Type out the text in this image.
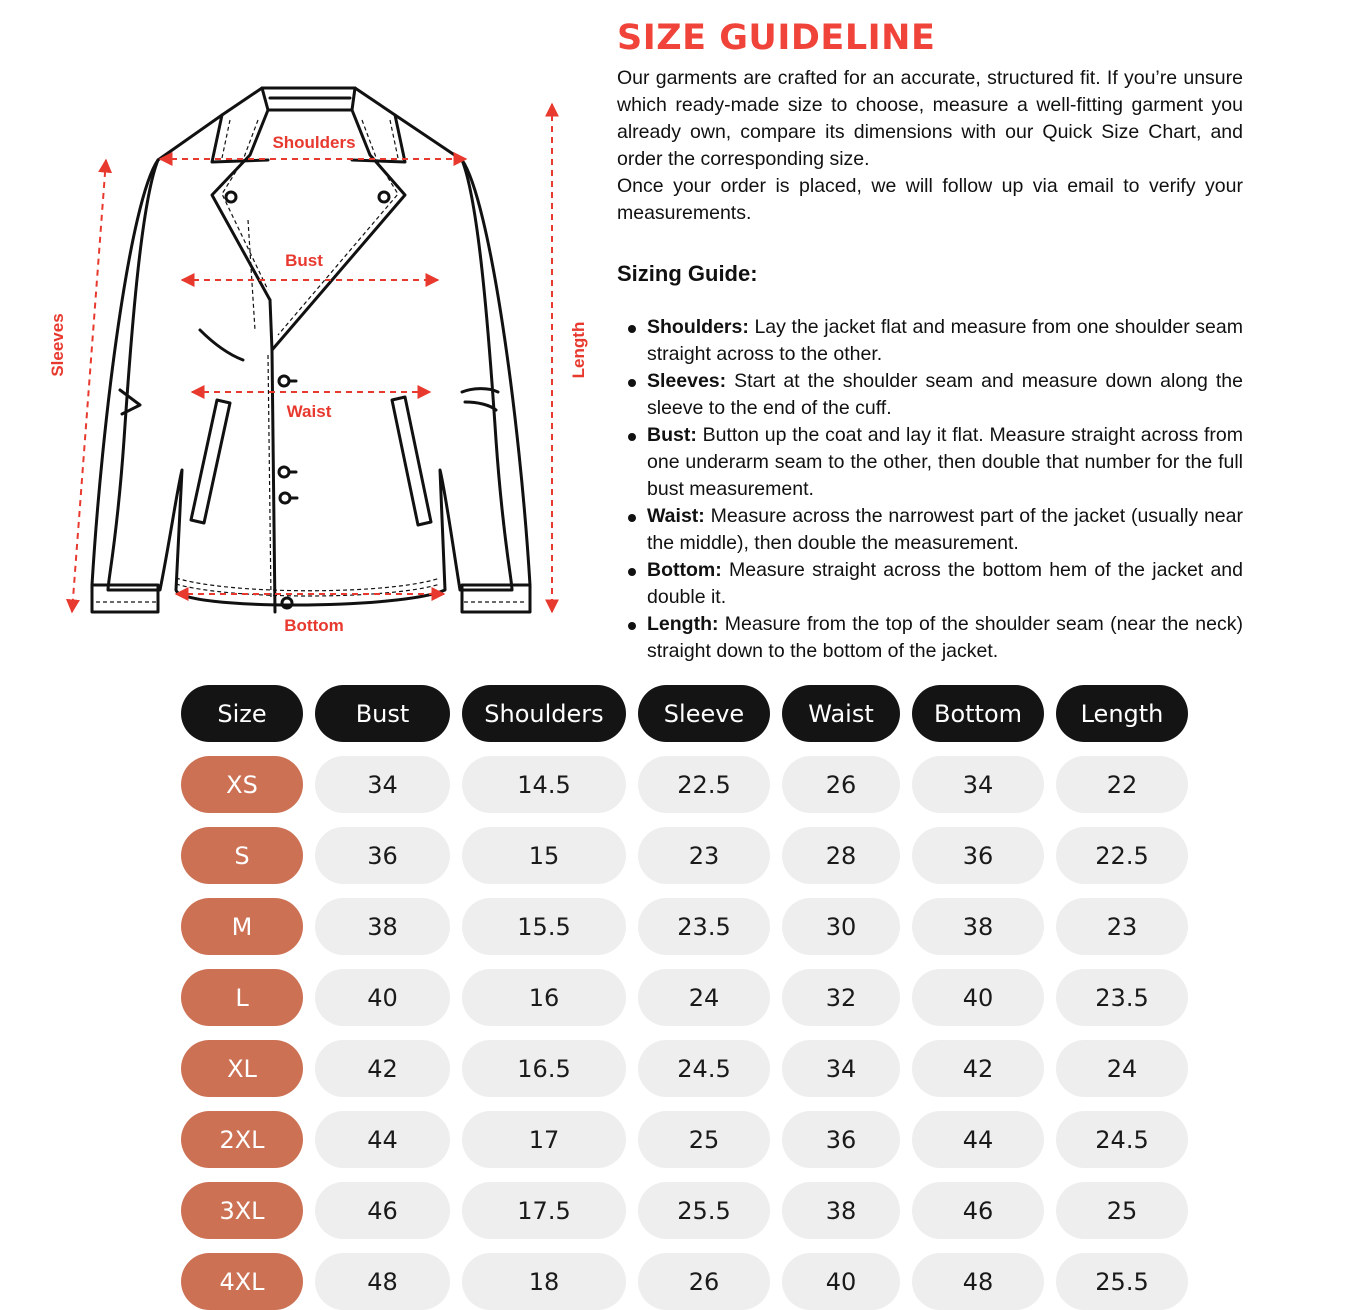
Shoulders
Bust
Waist
Bottom
Sleeves	Length
SIZE GUIDELINE

Our garments are crafted for an accurate, structured fit. If you’re unsure which ready-made size to choose, measure a well-fitting garment you already own, compare its dimensions with our Quick Size Chart, and order the corresponding size.

Once your order is placed, we will follow up via email to verify your measurements.

Sizing Guide:
Shoulders: Lay the jacket flat and measure from one shoulder seam straight across to the other.
Sleeves: Start at the shoulder seam and measure down along the sleeve to the end of the cuff.
Bust: Button up the coat and lay it flat. Measure straight across from one underarm seam to the other, then double that number for the full bust measurement.
Waist: Measure across the narrowest part of the jacket (usually near the middle), then double the measurement.
Bottom: Measure straight across the bottom hem of the jacket and double it.
Length: Measure from the top of the shoulder seam (near the neck) straight down to the bottom of the jacket.
Size	Bust	Shoulders	Sleeve	Waist	Bottom	Length
XS	34	14.5	22.5	26	34	22
S	36	15	23	28	36	22.5
M	38	15.5	23.5	30	38	23
L	40	16	24	32	40	23.5
XL	42	16.5	24.5	34	42	24
2XL	44	17	25	36	44	24.5
3XL	46	17.5	25.5	38	46	25
4XL	48	18	26	40	48	25.5
